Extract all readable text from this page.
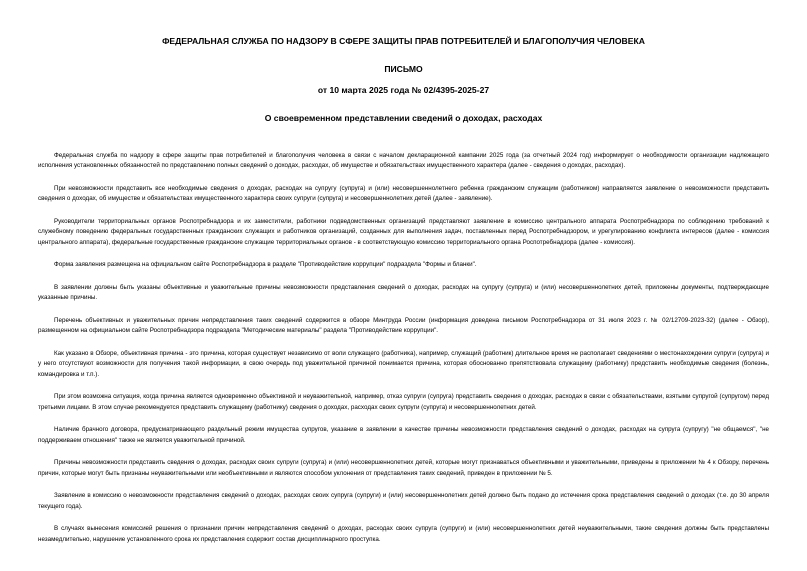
ФЕДЕРАЛЬНАЯ СЛУЖБА ПО НАДЗОРУ В СФЕРЕ ЗАЩИТЫ ПРАВ ПОТРЕБИТЕЛЕЙ И БЛАГОПОЛУЧИЯ ЧЕЛОВЕКА
ПИСЬМО
от 10 марта 2025 года № 02/4395-2025-27
О своевременном представлении сведений о доходах, расходах

Федеральная служба по надзору в сфере защиты прав потребителей и благополучия человека в связи с началом декларационной кампании 2025 года (за отчетный 2024 год) информирует о необходимости организации надлежащего исполнения установленных обязанностей по представлению полных сведений о доходах, расходах, об имуществе и обязательствах имущественного характера (далее - сведения о доходах, расходах).

При невозможности представить все необходимые сведения о доходах, расходах на супругу (супруга) и (или) несовершеннолетнего ребенка гражданским служащим (работником) направляется заявление о невозможности представить сведения о доходах, об имуществе и обязательствах имущественного характера своих супруги (супруга) и несовершеннолетних детей (далее - заявление).

Руководители территориальных органов Роспотребнадзора и их заместители, работники подведомственных организаций представляют заявление в комиссию центрального аппарата Роспотребнадзора по соблюдению требований к служебному поведению федеральных государственных гражданских служащих и работников организаций, созданных для выполнения задач, поставленных перед Роспотребнадзором, и урегулированию конфликта интересов (далее - комиссия центрального аппарата), федеральные государственные гражданские служащие территориальных органов - в соответствующую комиссию территориального органа Роспотребнадзора (далее - комиссия).

Форма заявления размещена на официальном сайте Роспотребнадзора в разделе "Противодействие коррупции" подраздела "Формы и бланки".

В заявлении должны быть указаны объективные и уважительные причины невозможности представления сведений о доходах, расходах на супругу (супруга) и (или) несовершеннолетних детей, приложены документы, подтверждающие указанные причины.

Перечень объективных и уважительных причин непредставления таких сведений содержится в обзоре Минтруда России (информация доведена письмом Роспотребнадзора от 31 июля 2023 г. № 02/12709-2023-32) (далее - Обзор), размещенном на официальном сайте Роспотребнадзора подраздела "Методические материалы" раздела "Противодействие коррупции".

Как указано в Обзоре, объективная причина - это причина, которая существует независимо от воли служащего (работника), например, служащий (работник) длительное время не располагает сведениями о местонахождении супруги (супруга) и у него отсутствуют возможности для получения такой информации, в свою очередь под уважительной причиной понимается причина, которая обоснованно препятствовала служащему (работнику) представить необходимые сведения (болезнь, командировка и т.п.).

При этом возможна ситуация, когда причина является одновременно объективной и неуважительной, например, отказ супруги (супруга) представить сведения о доходах, расходах в связи с обязательствами, взятыми супругой (супругом) перед третьими лицами. В этом случае рекомендуется представить служащему (работнику) сведения о доходах, расходах своих супруги (супруга) и несовершеннолетних детей.

Наличие брачного договора, предусматривающего раздельный режим имущества супругов, указание в заявлении в качестве причины невозможности представления сведений о доходах, расходах на супруга (супругу) "не общаемся", "не поддерживаем отношения" также не является уважительной причиной.

Причины невозможности представить сведения о доходах, расходах своих супруги (супруга) и (или) несовершеннолетних детей, которые могут признаваться объективными и уважительными, приведены в приложении № 4 к Обзору, перечень причин, которые могут быть признаны неуважительными или необъективными и являются способом уклонения от представления таких сведений, приведен в приложении № 5.

Заявление в комиссию о невозможности представления сведений о доходах, расходах своих супруга (супруги) и (или) несовершеннолетних детей должно быть подано до истечения срока представления сведений о доходах (т.е. до 30 апреля текущего года).

В случаях вынесения комиссией решения о признании причин непредставления сведений о доходах, расходах своих супруга (супруги) и (или) несовершеннолетних детей неуважительными, такие сведения должны быть представлены незамедлительно, нарушение установленного срока их представления содержит состав дисциплинарного проступка.
